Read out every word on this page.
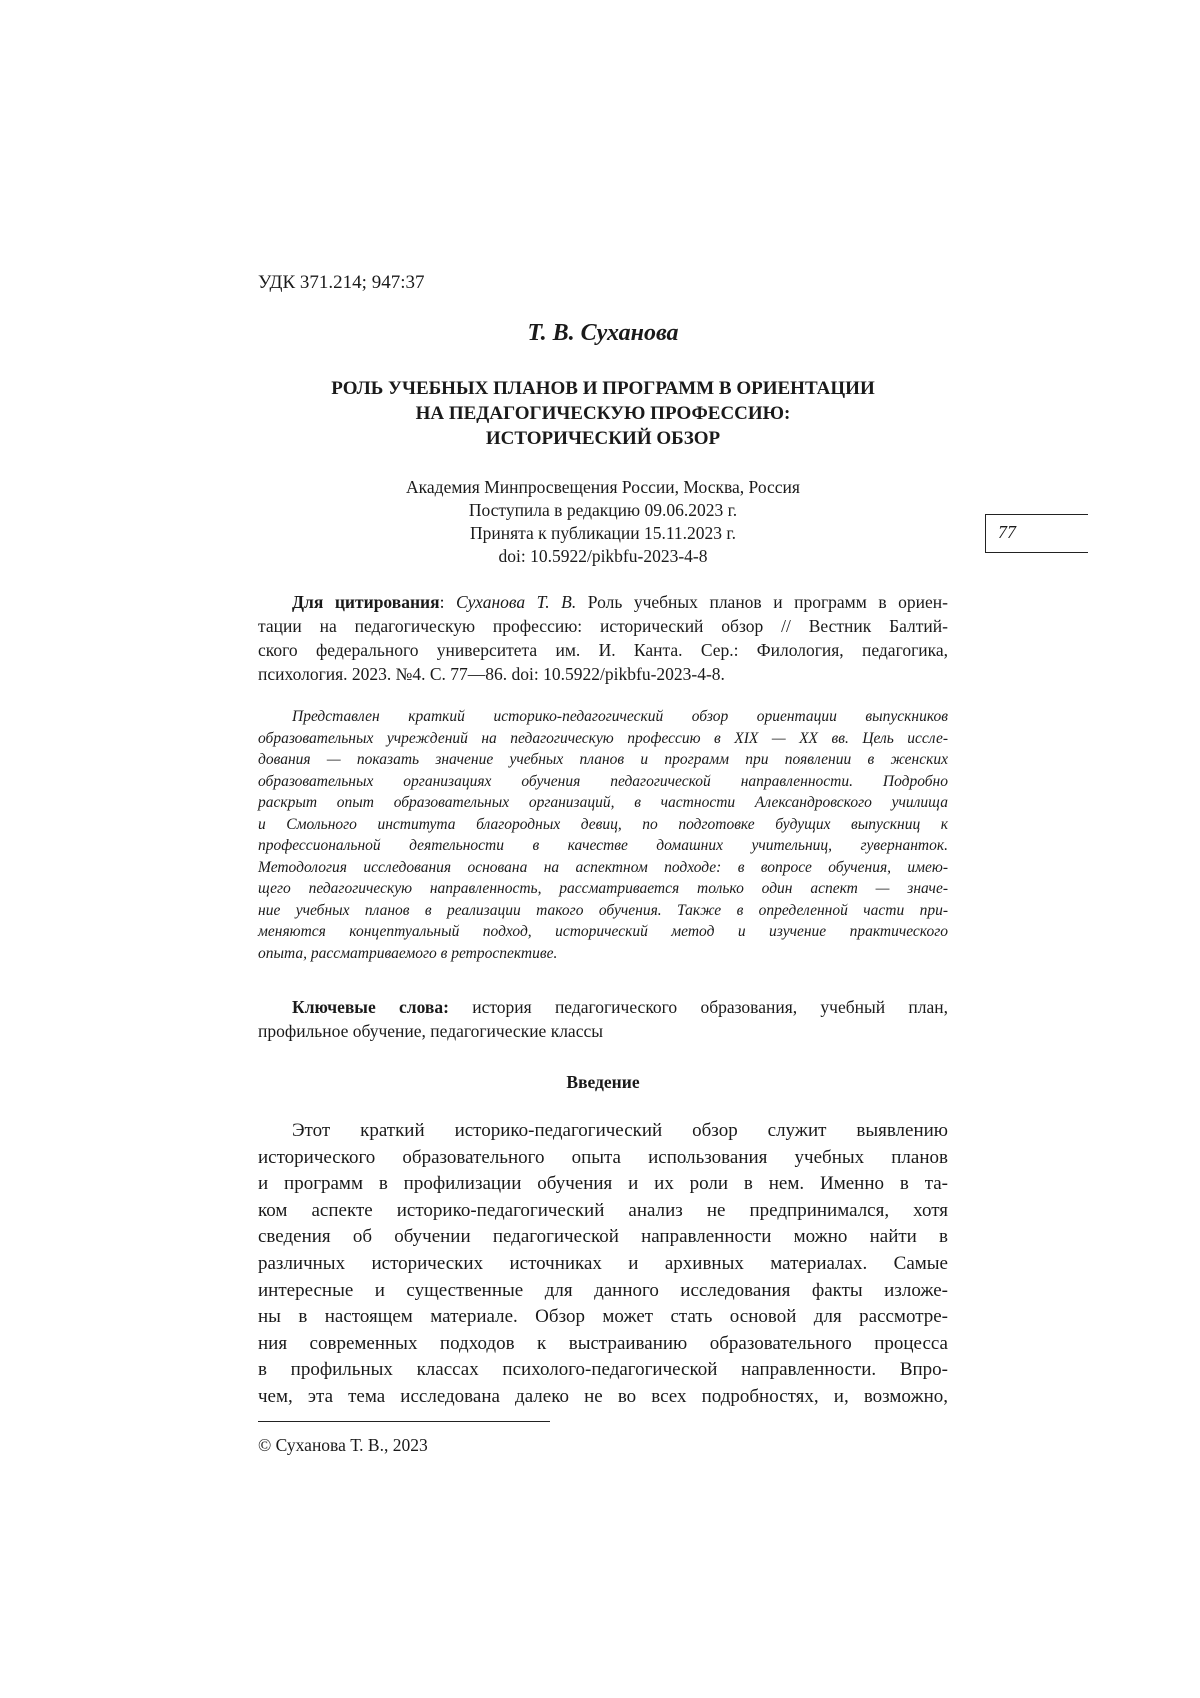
УДК 371.214; 947:37
Т. В. Суханова
РОЛЬ УЧЕБНЫХ ПЛАНОВ И ПРОГРАММ В ОРИЕНТАЦИИ
НА ПЕДАГОГИЧЕСКУЮ ПРОФЕССИЮ:
ИСТОРИЧЕСКИЙ ОБЗОР
Академия Минпросвещения России, Москва, Россия
Поступила в редакцию 09.06.2023 г.
Принята к публикации 15.11.2023 г.
doi: 10.5922/pikbfu-2023-4-8
77
Для цитирования: Суханова Т. В. Роль учебных планов и программ в ориен-
тации на педагогическую профессию: исторический обзор // Вестник Балтий-
ского федерального университета им. И. Канта. Сер.: Филология, педагогика,
психология. 2023. №4. С. 77—86. doi: 10.5922/pikbfu-2023-4-8.
Представлен краткий историко-педагогический обзор ориентации выпускников
образовательных учреждений на педагогическую профессию в XIX — XX вв. Цель иссле-
дования — показать значение учебных планов и программ при появлении в женских
образовательных организациях обучения педагогической направленности. Подробно
раскрыт опыт образовательных организаций, в частности Александровского училища
и Смольного института благородных девиц, по подготовке будущих выпускниц к
профессиональной деятельности в качестве домашних учительниц, гувернанток.
Методология исследования основана на аспектном подходе: в вопросе обучения, имею-
щего педагогическую направленность, рассматривается только один аспект — значе-
ние учебных планов в реализации такого обучения. Также в определенной части при-
меняются концептуальный подход, исторический метод и изучение практического
опыта, рассматриваемого в ретроспективе.
Ключевые слова: история педагогического образования, учебный план,
профильное обучение, педагогические классы
Введение
Этот краткий историко-педагогический обзор служит выявлению
исторического образовательного опыта использования учебных планов
и программ в профилизации обучения и их роли в нем. Именно в та-
ком аспекте историко-педагогический анализ не предпринимался, хотя
сведения об обучении педагогической направленности можно найти в
различных исторических источниках и архивных материалах. Самые
интересные и существенные для данного исследования факты изложе-
ны в настоящем материале. Обзор может стать основой для рассмотре-
ния современных подходов к выстраиванию образовательного процесса
в профильных классах психолого-педагогической направленности. Впро-
чем, эта тема исследована далеко не во всех подробностях, и, возможно,
© Суханова Т. В., 2023
